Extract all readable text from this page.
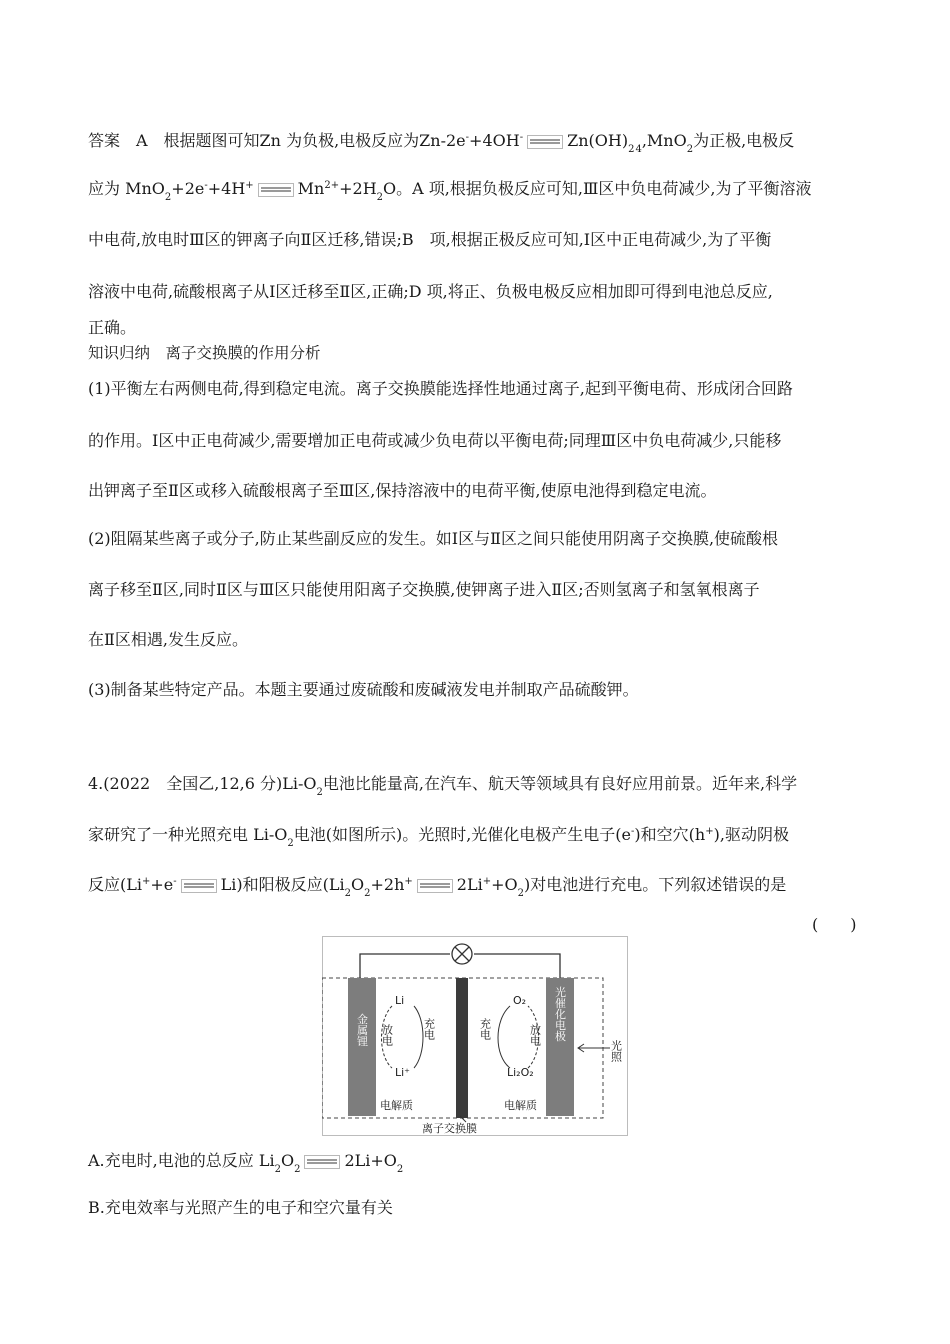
答案　A　根据题图可知Zn 为负极,电极反应为Zn-2e-+4OH-	$Zn(OH)_{2 4},MnO_2$为正极,电极反
应为 MnO$_2$+2e-+4H+	$Mn^{2+}+2H_2O$。A 项,根据负极反应可知,Ⅲ区中负电荷减少,为了平衡溶液
中电荷,放电时Ⅲ区的钾离子向Ⅱ区迁移,错误;B　项,根据正极反应可知,Ⅰ区中正电荷减少,为了平衡
溶液中电荷,硫酸根离子从Ⅰ区迁移至Ⅱ区,正确;D 项,将正、负极电极反应相加即可得到电池总反应,
正确。
知识归纳　离子交换膜的作用分析
(1)平衡左右两侧电荷,得到稳定电流。离子交换膜能选择性地通过离子,起到平衡电荷、形成闭合回路
的作用。Ⅰ区中正电荷减少,需要增加正电荷或减少负电荷以平衡电荷;同理Ⅲ区中负电荷减少,只能移
出钾离子至Ⅱ区或移入硫酸根离子至Ⅲ区,保持溶液中的电荷平衡,使原电池得到稳定电流。
(2)阻隔某些离子或分子,防止某些副反应的发生。如Ⅰ区与Ⅱ区之间只能使用阴离子交换膜,使硫酸根
离子移至Ⅱ区,同时Ⅱ区与Ⅲ区只能使用阳离子交换膜,使钾离子进入Ⅱ区;否则氢离子和氢氧根离子
在Ⅱ区相遇,发生反应。
(3)制备某些特定产品。本题主要通过废硫酸和废碱液发电并制取产品硫酸钾。
4.(2022　全国乙,12,6 分)$Li-O_2$电池比能量高,在汽车、航天等领域具有良好应用前景。近年来,科学
家研究了一种光照充电 $Li-O_2$电池(如图所示)。光照时,光催化电极产生电子(e-)和空穴(h+),驱动阴极
反应(Li++e-	Li)和阳极反应($Li_2O_2+2h^+$	$2Li^++O_2$)对电池进行充电。下列叙述错误的是
(　　)
金属锂	光催化电极
Li
Li⁺
放电	充电
O₂
Li₂O₂
放电
充电
电解质	电解质
光照
离子交换膜
A.充电时,电池的总反应 $Li_2O_2$	$2Li+O_2$
B.充电效率与光照产生的电子和空穴量有关
